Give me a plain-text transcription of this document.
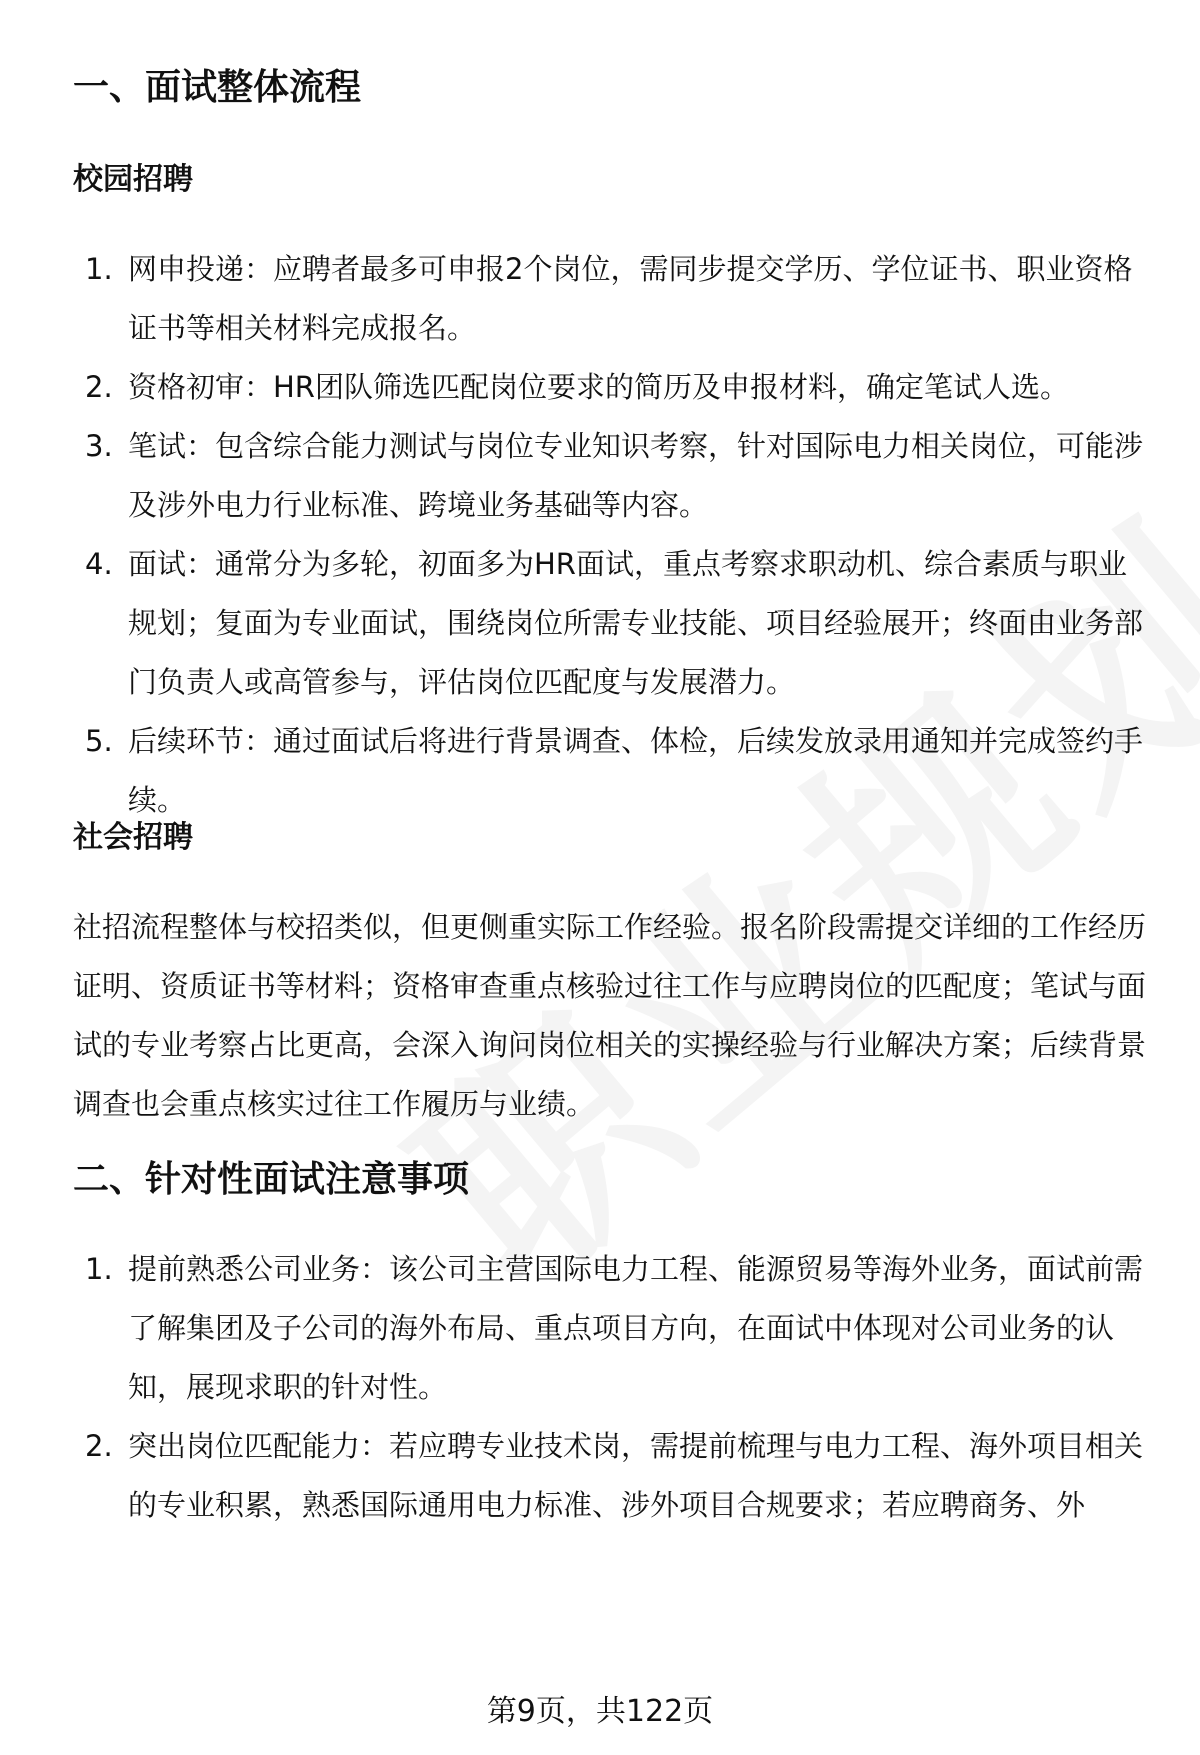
一、面试整体流程
校园招聘
1. 网申投递：应聘者最多可申报2个岗位，需同步提交学历、学位证书、职业资格证书等相关材料完成报名。
2. 资格初审：HR团队筛选匹配岗位要求的简历及申报材料，确定笔试人选。
3. 笔试：包含综合能力测试与岗位专业知识考察，针对国际电力相关岗位，可能涉及涉外电力行业标准、跨境业务基础等内容。
4. 面试：通常分为多轮，初面多为HR面试，重点考察求职动机、综合素质与职业规划；复面为专业面试，围绕岗位所需专业技能、项目经验展开；终面由业务部门负责人或高管参与，评估岗位匹配度与发展潜力。
5. 后续环节：通过面试后将进行背景调查、体检，后续发放录用通知并完成签约手续。
社会招聘

社招流程整体与校招类似，但更侧重实际工作经验。报名阶段需提交详细的工作经历证明、资质证书等材料；资格审查重点核验过往工作与应聘岗位的匹配度；笔试与面试的专业考察占比更高，会深入询问岗位相关的实操经验与行业解决方案；后续背景调查也会重点核实过往工作履历与业绩。

二、针对性面试注意事项
1. 提前熟悉公司业务：该公司主营国际电力工程、能源贸易等海外业务，面试前需了解集团及子公司的海外布局、重点项目方向，在面试中体现对公司业务的认知，展现求职的针对性。
2. 突出岗位匹配能力：若应聘专业技术岗，需提前梳理与电力工程、海外项目相关的专业积累，熟悉国际通用电力标准、涉外项目合规要求；若应聘商务、外

第9页，共122页
